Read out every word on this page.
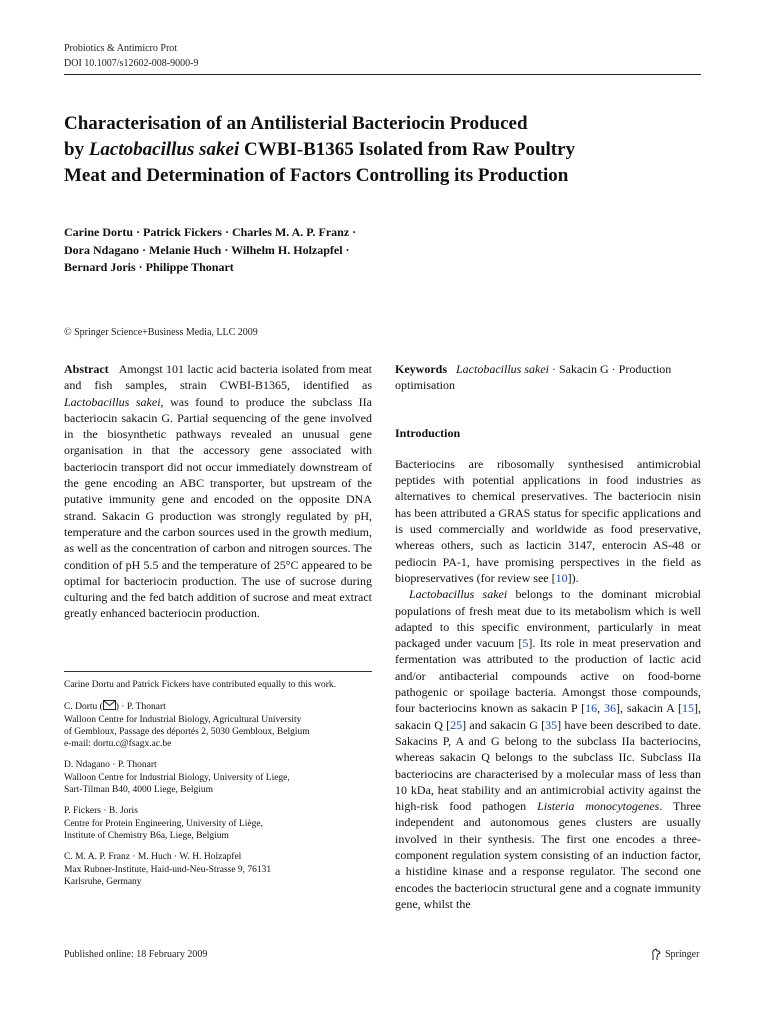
Probiotics & Antimicro Prot
DOI 10.1007/s12602-008-9000-9
Characterisation of an Antilisterial Bacteriocin Produced
by Lactobacillus sakei CWBI-B1365 Isolated from Raw Poultry
Meat and Determination of Factors Controlling its Production
Carine Dortu · Patrick Fickers · Charles M. A. P. Franz ·
Dora Ndagano · Melanie Huch · Wilhelm H. Holzapfel ·
Bernard Joris · Philippe Thonart
© Springer Science+Business Media, LLC 2009

Abstract Amongst 101 lactic acid bacteria isolated from meat and fish samples, strain CWBI-B1365, identified as Lactobacillus sakei, was found to produce the subclass IIa bacteriocin sakacin G. Partial sequencing of the gene involved in the biosynthetic pathways revealed an unusual gene organisation in that the accessory gene associated with bacteriocin transport did not occur immediately downstream of the gene encoding an ABC transporter, but upstream of the putative immunity gene and encoded on the opposite DNA strand. Sakacin G production was strongly regulated by pH, temperature and the carbon sources used in the growth medium, as well as the concentration of carbon and nitrogen sources. The condition of pH 5.5 and the temperature of 25°C appeared to be optimal for bacteriocin production. The use of sucrose during culturing and the fed batch addition of sucrose and meat extract greatly enhanced bacteriocin production.

Carine Dortu and Patrick Fickers have contributed equally to this work.
C. Dortu ( ) · P. Thonart
Walloon Centre for Industrial Biology, Agricultural University
of Gembloux, Passage des déportés 2, 5030 Gembloux, Belgium
e-mail: dortu.c@fsagx.ac.be
D. Ndagano · P. Thonart
Walloon Centre for Industrial Biology, University of Liege,
Sart-Tilman B40, 4000 Liege, Belgium
P. Fickers · B. Joris
Centre for Protein Engineering, University of Liège,
Institute of Chemistry B6a, Liege, Belgium
C. M. A. P. Franz · M. Huch · W. H. Holzapfel
Max Rubner-Institute, Haid-und-Neu-Strasse 9, 76131
Karlsruhe, Germany

Keywords Lactobacillus sakei · Sakacin G · Production optimisation

Introduction

Bacteriocins are ribosomally synthesised antimicrobial peptides with potential applications in food industries as alternatives to chemical preservatives. The bacteriocin nisin has been attributed a GRAS status for specific applications and is used commercially and worldwide as food preservative, whereas others, such as lacticin 3147, enterocin AS-48 or pediocin PA-1, have promising perspectives in the field as biopreservatives (for review see [10]).

Lactobacillus sakei belongs to the dominant microbial populations of fresh meat due to its metabolism which is well adapted to this specific environment, particularly in meat packaged under vacuum [5]. Its role in meat preservation and fermentation was attributed to the production of lactic acid and/or antibacterial compounds active on food-borne pathogenic or spoilage bacteria. Amongst those compounds, four bacteriocins known as sakacin P [16, 36], sakacin A [15], sakacin Q [25] and sakacin G [35] have been described to date. Sakacins P, A and G belong to the subclass IIa bacteriocins, whereas sakacin Q belongs to the subclass IIc. Subclass IIa bacteriocins are characterised by a molecular mass of less than 10 kDa, heat stability and an antimicrobial activity against the high-risk food pathogen Listeria monocytogenes. Three independent and autonomous genes clusters are usually involved in their synthesis. The first one encodes a three-component regulation system consisting of an induction factor, a histidine kinase and a response regulator. The second one encodes the bacteriocin structural gene and a cognate immunity gene, whilst the

Published online: 18 February 2009	Springer
